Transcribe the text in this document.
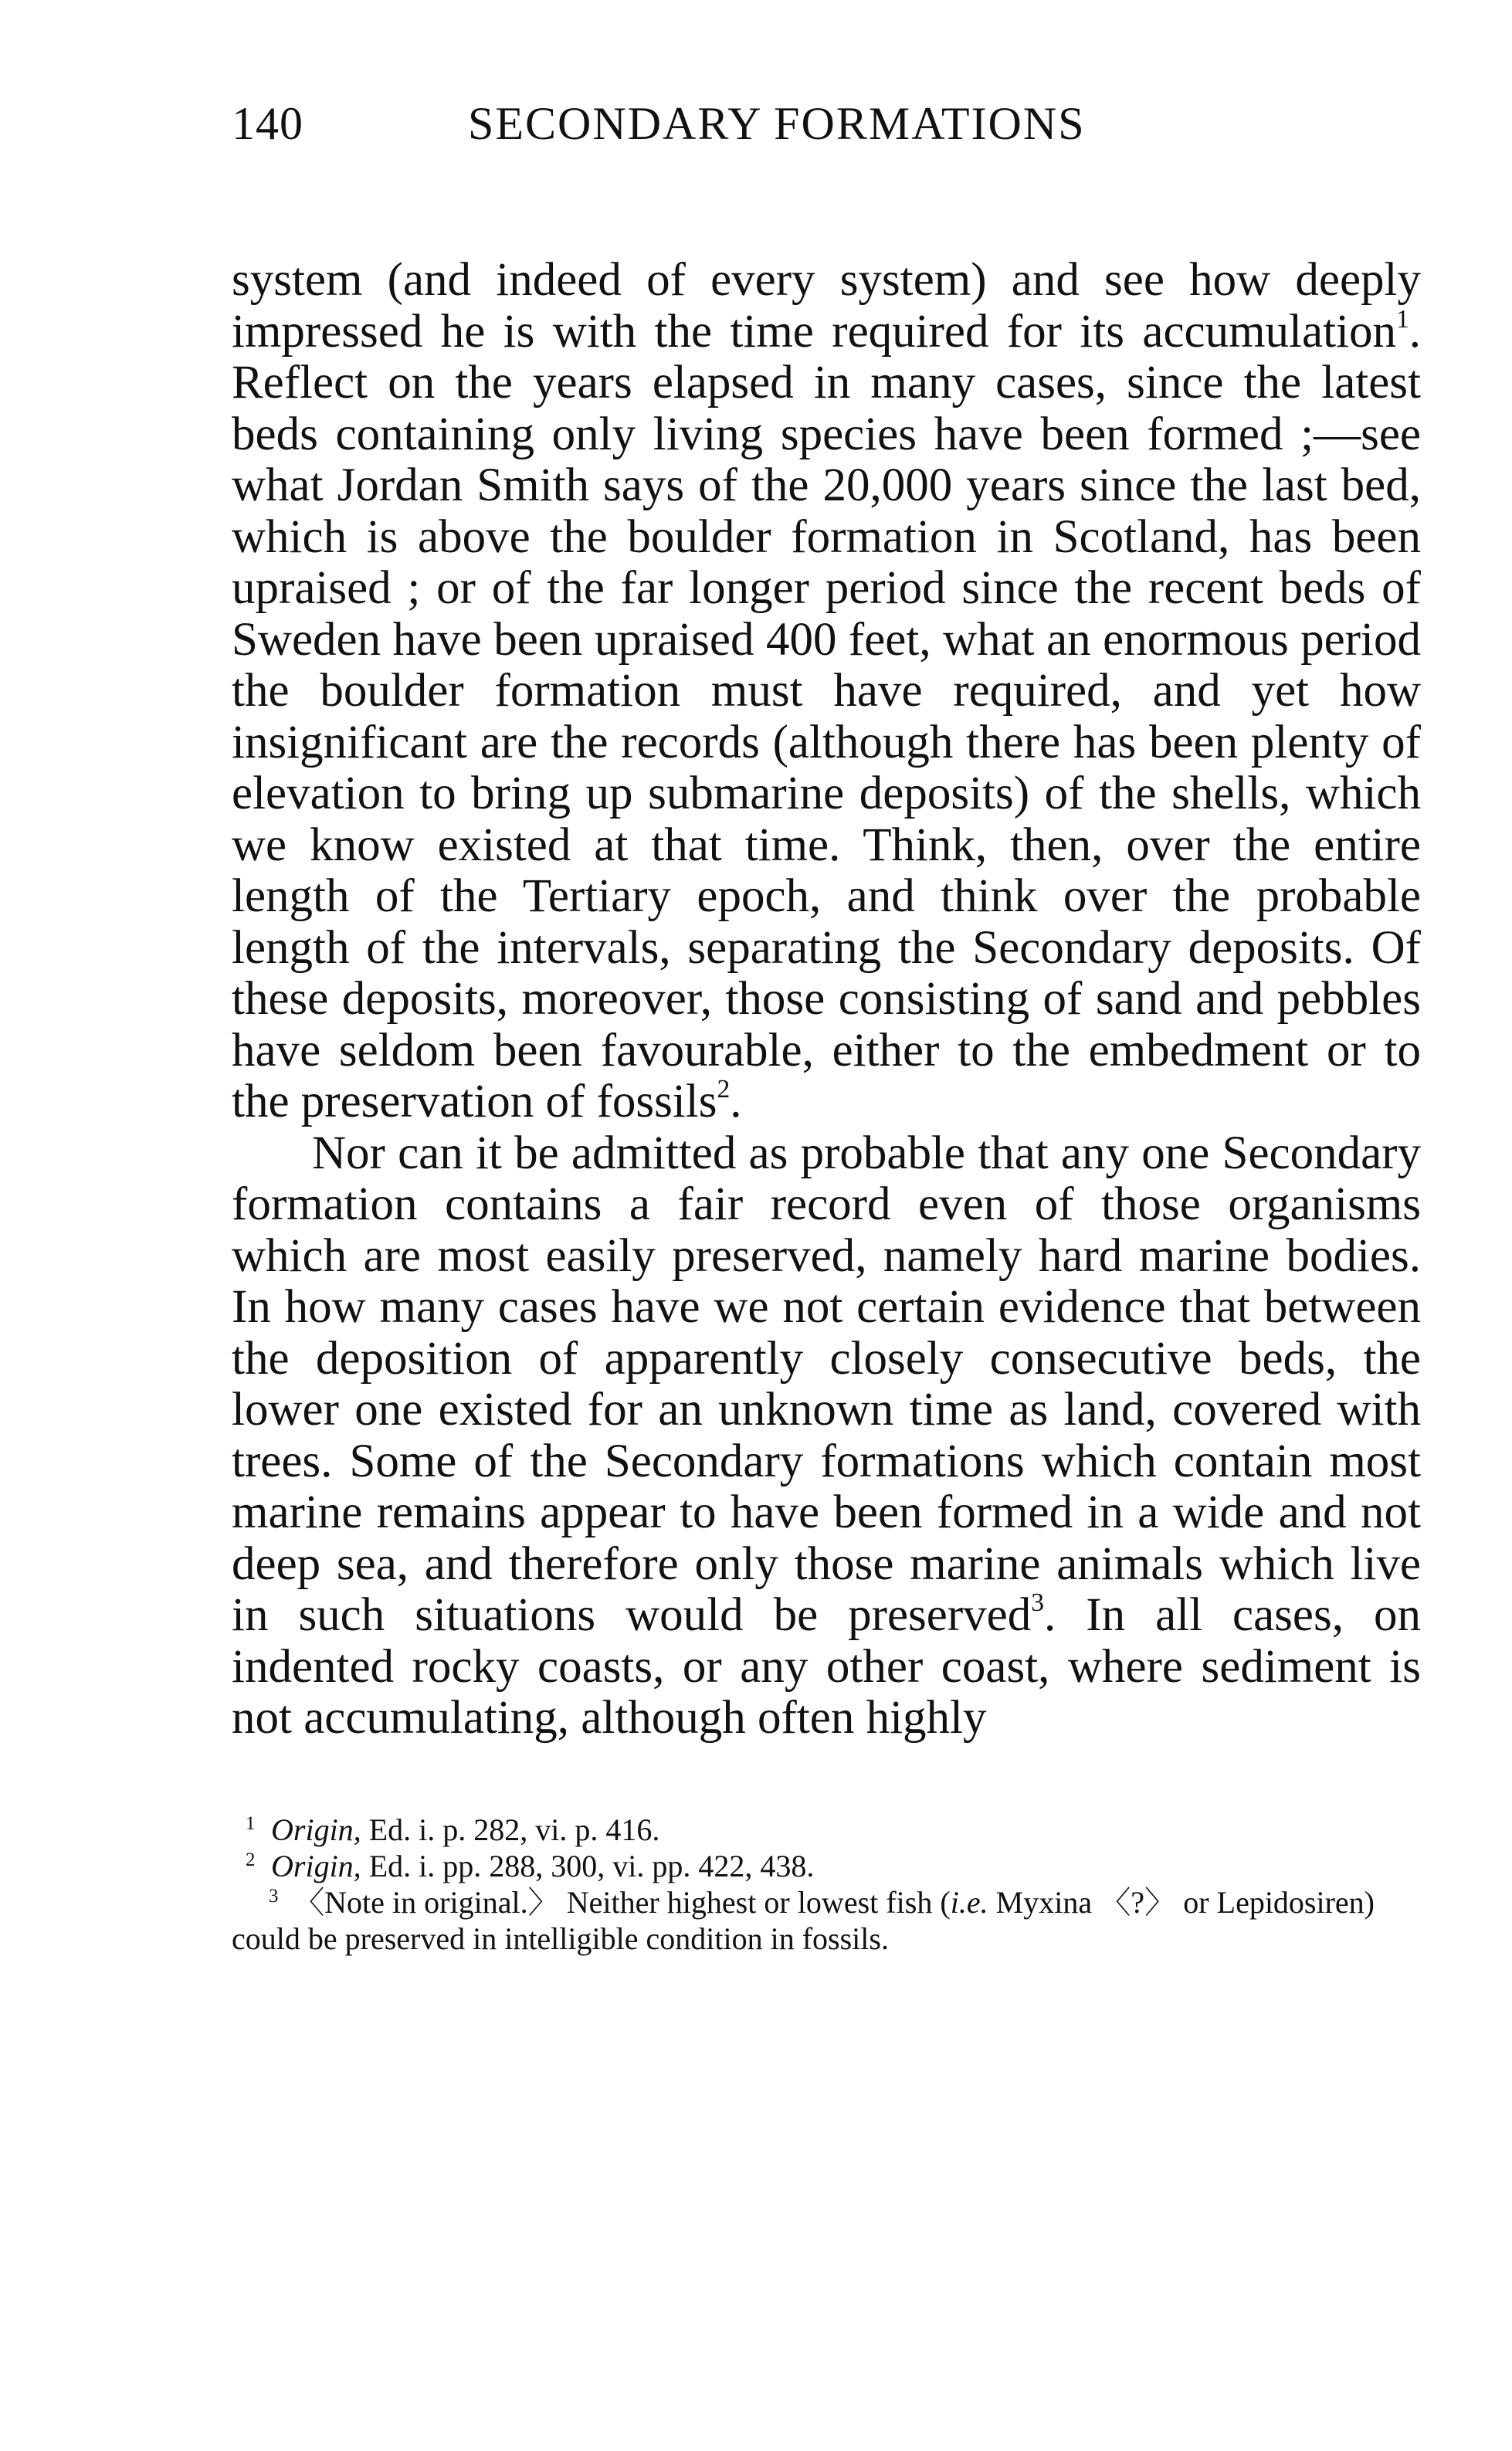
140	SECONDARY FORMATIONS

system (and indeed of every system) and see how deeply impressed he is with the time required for its accumulation$^1$. Reflect on the years elapsed in many cases, since the latest beds containing only living species have been formed ;—see what Jordan Smith says of the 20,000 years since the last bed, which is above the boulder formation in Scotland, has been upraised ; or of the far longer period since the recent beds of Sweden have been upraised 400 feet, what an enormous period the boulder formation must have required, and yet how insignificant are the records (although there has been plenty of elevation to bring up submarine deposits) of the shells, which we know existed at that time. Think, then, over the entire length of the Tertiary epoch, and think over the probable length of the intervals, separating the Secondary deposits. Of these deposits, moreover, those consisting of sand and pebbles have seldom been favourable, either to the embedment or to the preservation of fossils$^2$.

Nor can it be admitted as probable that any one Secondary formation contains a fair record even of those organisms which are most easily preserved, namely hard marine bodies. In how many cases have we not certain evidence that between the deposition of apparently closely consecutive beds, the lower one existed for an unknown time as land, covered with trees. Some of the Secondary formations which contain most marine remains appear to have been formed in a wide and not deep sea, and therefore only those marine animals which live in such situations would be preserved$^3$. In all cases, on indented rocky coasts, or any other coast, where sediment is not accumulating, although often highly

1 Origin, Ed. i. p. 282, vi. p. 416.

2 Origin, Ed. i. pp. 288, 300, vi. pp. 422, 438.

3 〈Note in original.〉 Neither highest or lowest fish (i.e. Myxina 〈?〉 or Lepidosiren) could be preserved in intelligible condition in fossils.
